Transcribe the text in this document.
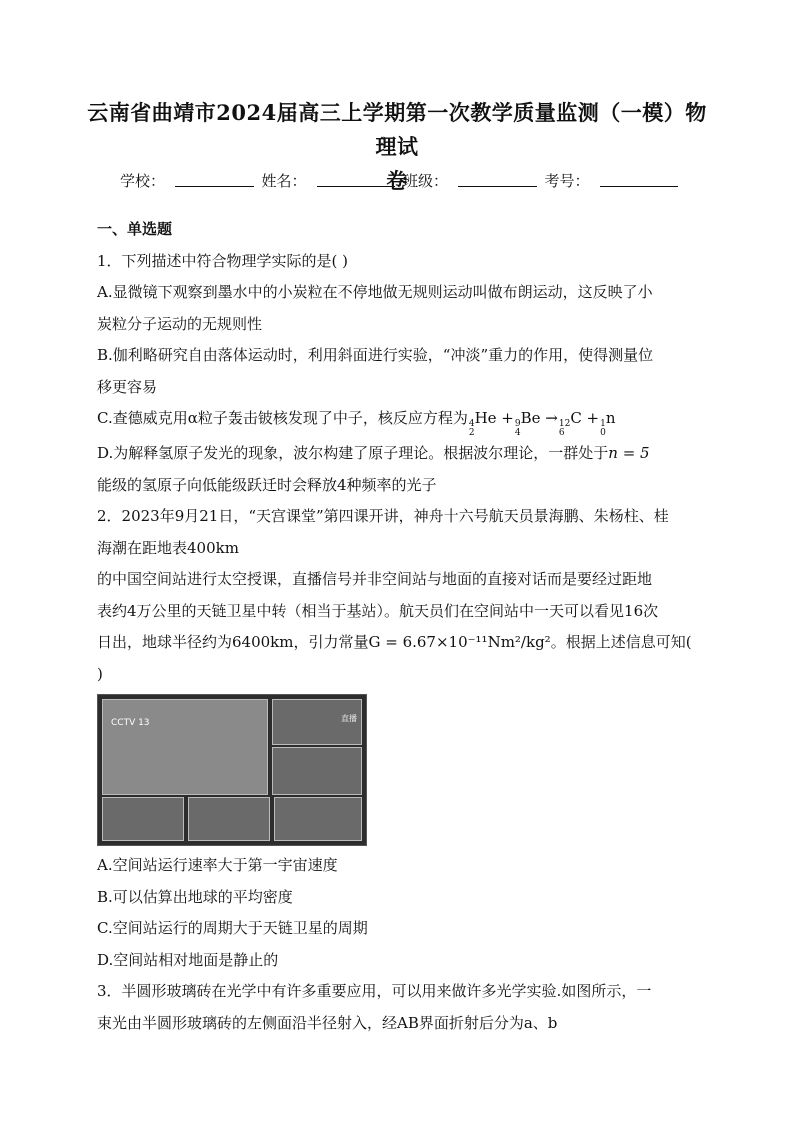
云南省曲靖市2024届高三上学期第一次教学质量监测（一模）物理试
卷
学校：	姓名：	班级：	考号：

一、单选题

1．下列描述中符合物理学实际的是( )

A.显微镜下观察到墨水中的小炭粒在不停地做无规则运动叫做布朗运动，这反映了小

炭粒分子运动的无规则性

B.伽利略研究自由落体运动时，利用斜面进行实验，“冲淡”重力的作用，使得测量位

移更容易

C.查德威克用α粒子轰击铍核发现了中子，核反应方程为 4
2
He + 9
4
Be → 12
6
C + 1
0
n

D.为解释氢原子发光的现象，波尔构建了原子理论。根据波尔理论，一群处于n = 5

能级的氢原子向低能级跃迁时会释放4种频率的光子

2．2023年9月21日，“天宫课堂”第四课开讲，神舟十六号航天员景海鹏、朱杨柱、桂

海潮在距地表400km

的中国空间站进行太空授课，直播信号并非空间站与地面的直接对话而是要经过距地

表约4万公里的天链卫星中转（相当于基站）。航天员们在空间站中一天可以看见16次

日出，地球半径约为6400km，引力常量G = 6.67×10⁻¹¹Nm²/kg²。根据上述信息可知(

)

CCTV 13	直播

A.空间站运行速率大于第一宇宙速度

B.可以估算出地球的平均密度

C.空间站运行的周期大于天链卫星的周期

D.空间站相对地面是静止的

3．半圆形玻璃砖在光学中有许多重要应用，可以用来做许多光学实验.如图所示，一

束光由半圆形玻璃砖的左侧面沿半径射入，经AB界面折射后分为a、b
